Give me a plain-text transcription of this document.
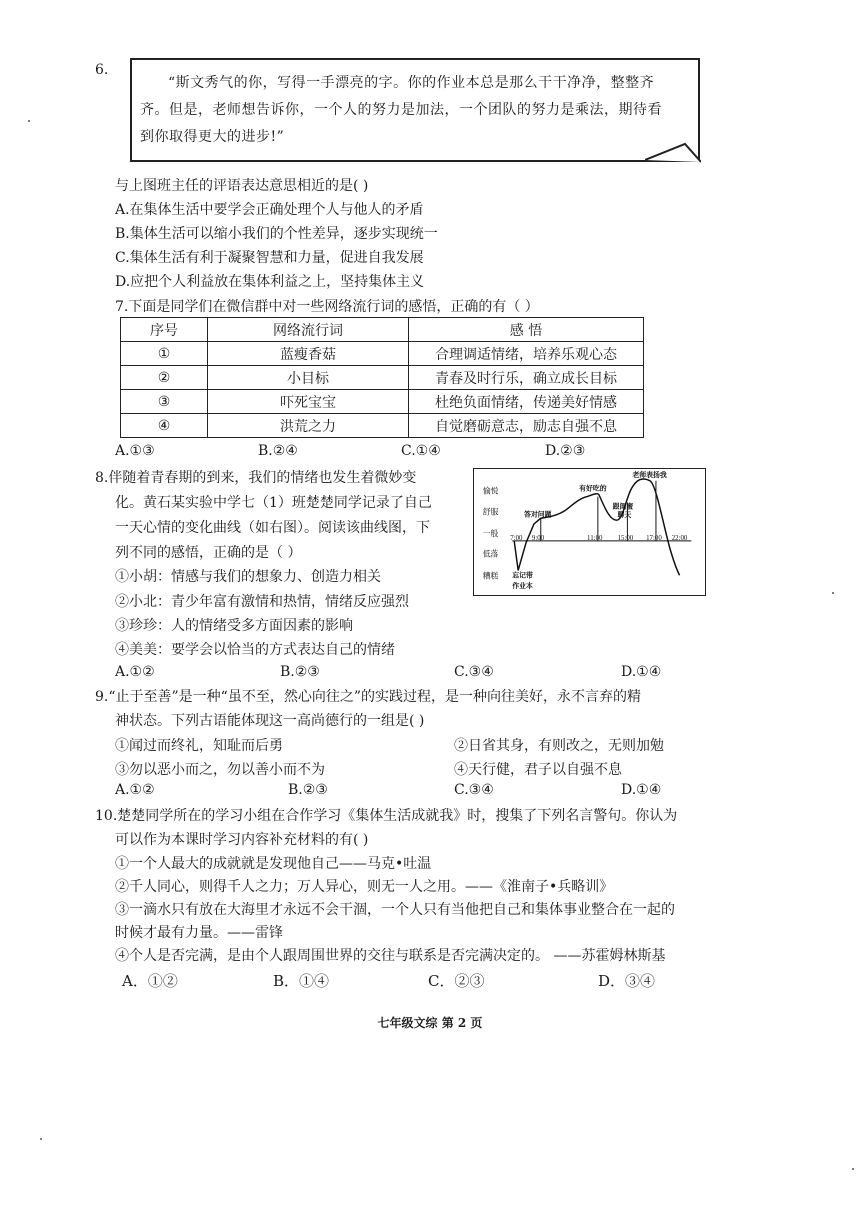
6.
“斯文秀气的你，写得一手漂亮的字。你的作业本总是那么干干净净，整整齐
齐。但是，老师想告诉你，一个人的努力是加法，一个团队的努力是乘法，期待看
到你取得更大的进步!”
与上图班主任的评语表达意思相近的是( )
A.在集体生活中要学会正确处理个人与他人的矛盾
B.集体生活可以缩小我们的个性差异，逐步实现统一
C.集体生活有利于凝聚智慧和力量，促进自我发展
D.应把个人利益放在集体利益之上，坚持集体主义
7.下面是同学们在微信群中对一些网络流行词的感悟，正确的有（ ）
序号	网络流行词	感 悟
①	蓝瘦香菇	合理调适情绪，培养乐观心态
②	小目标	青春及时行乐，确立成长目标
③	吓死宝宝	杜绝负面情绪，传递美好情感
④	洪荒之力	自觉磨砺意志，励志自强不息
A.①③	B.②④	C.①④	D.②③
8.伴随着青春期的到来，我们的情绪也发生着微妙变
化。黄石某实验中学七（1）班楚楚同学记录了自己
一天心情的变化曲线（如右图）。阅读该曲线图，下
列不同的感悟，正确的是（ ）
①小胡：情感与我们的想象力、创造力相关
②小北：青少年富有激情和热情，情绪反应强烈
③珍珍：人的情绪受多方面因素的影响
④美美：要学会以恰当的方式表达自己的情绪
A.①②	B.②③	C.③④	D.①④
愉悦
舒服
一般
低落
糟糕
7:00 9:00	11:00 15:00 17:00 22:00
忘记带
作业本
答对问题
有好吃的
跟闺蜜
聊天
老师表扬我
9.“止于至善”是一种“虽不至，然心向往之”的实践过程，是一种向往美好，永不言弃的精
神状态。下列古语能体现这一高尚德行的一组是( )
①闻过而终礼，知耻而后勇	②日省其身，有则改之，无则加勉
③勿以恶小而之，勿以善小而不为	④天行健，君子以自强不息
A.①②	B.②③	C.③④	D.①④
10.楚楚同学所在的学习小组在合作学习《集体生活成就我》时，搜集了下列名言警句。你认为
可以作为本课时学习内容补充材料的有( )
①一个人最大的成就就是发现他自己——马克•吐温
②千人同心，则得千人之力；万人异心，则无一人之用。——《淮南子•兵略训》
③一滴水只有放在大海里才永远不会干涸，一个人只有当他把自己和集体事业整合在一起的
时候才最有力量。——雷锋
④个人是否完满，是由个人跟周围世界的交往与联系是否完满决定的。 ——苏霍姆林斯基
A．①②	B．①④	C．②③	D．③④
七年级文综 第 2 页
